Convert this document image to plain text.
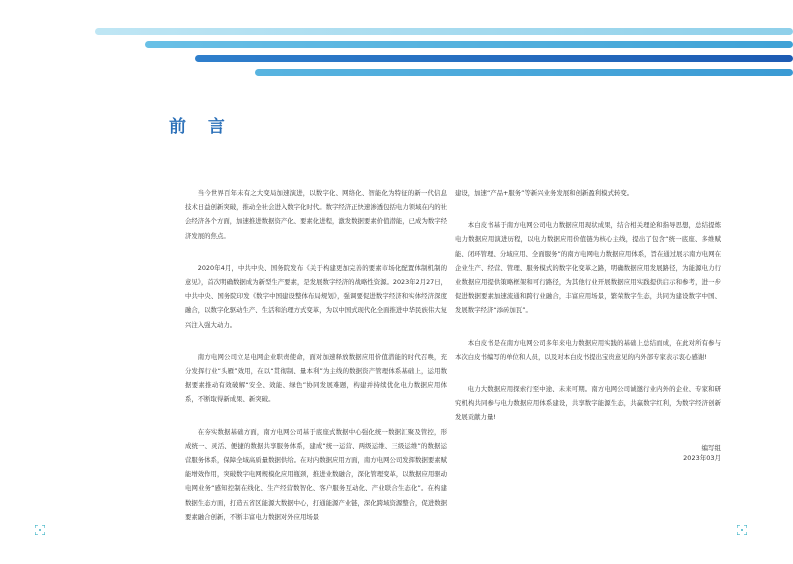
前 言

当今世界百年未有之大变局加速演进，以数字化、网络化、智能化为特征的新一代信息技术日益创新突破，推动全社会进入数字化时代。数字经济正快速渗透包括电力领域在内的社会经济各个方面，加速推进数据资产化、要素化进程，激发数据要素价值潜能，已成为数字经济发展的焦点。

2020年4月，中共中央、国务院发布《关于构建更加完善的要素市场化配置体制机制的意见》，首次明确数据成为新型生产要素，是发展数字经济的战略性资源。2023年2月27日，中共中央、国务院印发《数字中国建设整体布局规划》，强调要促进数字经济和实体经济深度融合，以数字化驱动生产、生活和治理方式变革，为以中国式现代化全面推进中华民族伟大复兴注入强大动力。

南方电网公司立足电网企业职责使命，面对加速释放数据应用价值潜能的时代召唤，充分发挥行业“头雁”效用，在以“贯彻制、量本利”为主线的数据资产管理体系基础上，运用数据要素推动有效破解“安全、效能、绿色”协同发展难题，构建并持续优化电力数据应用体系，不断取得新成果、新突破。

在夯实数据基础方面，南方电网公司基于底座式数据中心强化统一数据汇聚及管控，形成统一、灵活、便捷的数据共享服务体系，建成“统一运营、两级运维、三级运维”的数据运营服务体系，保障全域高质量数据供给。在对内数据应用方面，南方电网公司发挥数据要素赋能增效作用，突破数字电网规模化应用瓶颈，推进业数融合，深化管理变革，以数据应用驱动电网业务“感知控制在线化、生产经营数智化、客户服务互动化、产业联合生态化”。在构建数据生态方面，打造五省区能源大数据中心，打通能源产业链，深化跨域资源整合，促进数据要素融合创新，不断丰富电力数据对外应用场景

建设，加速“产品+服务”等新兴业务发展和创新盈利模式转变。

本白皮书基于南方电网公司电力数据应用现状成果，结合相关理论和指导思想，总结提炼电力数据应用演进历程，以电力数据应用价值链为核心主线，提出了包含“统一底座、多维赋能、闭环管理、分域应用、全面服务”的南方电网电力数据应用体系，旨在通过展示南方电网在企业生产、经营、管理、服务模式的数字化变革之路，明确数据应用发展路径，为能源电力行业数据应用提供策略框架和可行路径，为其他行业开展数据应用实践提供启示和参考，进一步促进数据要素加速流通和跨行业融合，丰富应用场景，繁荣数字生态，共同为建设数字中国、发展数字经济“添砖加瓦”。

本白皮书是在南方电网公司多年来电力数据应用实践的基础上总结而成，在此对所有参与本次白皮书编写的单位和人员，以及对本白皮书提出宝贵意见的内外部专家表示衷心感谢!

电力大数据应用探索行至中途、未来可期。南方电网公司诚邀行业内外的企业、专家和研究机构共同参与电力数据应用体系建设，共享数字能源生态，共赢数字红利，为数字经济创新发展贡献力量!

编写组
2023年03月
